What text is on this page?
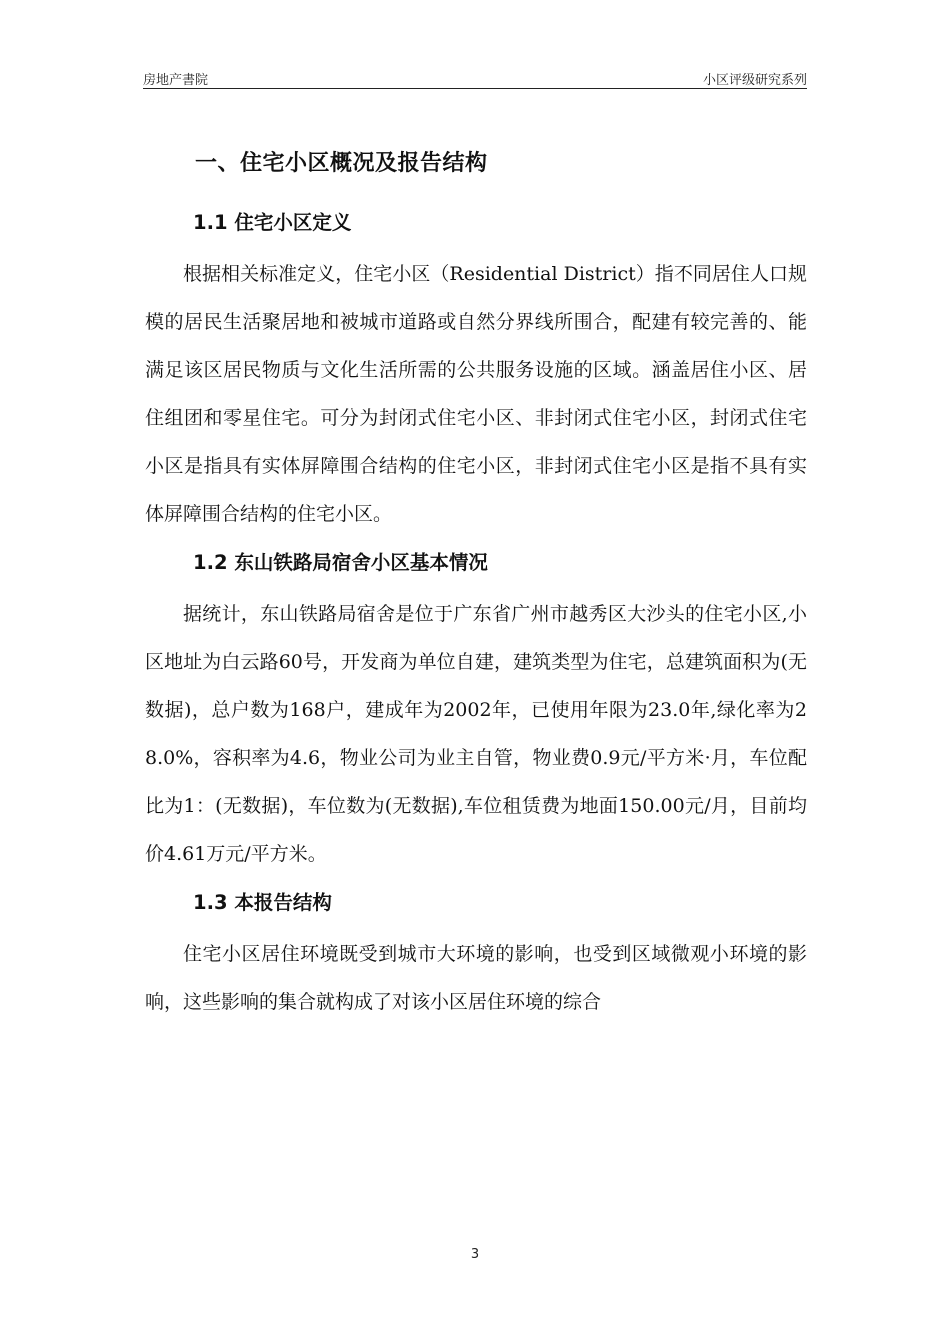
房地产書院	小区评级研究系列
一、住宅小区概况及报告结构
1.1 住宅小区定义

根据相关标准定义，住宅小区（Residential District）指不同居住人口规模的居民生活聚居地和被城市道路或自然分界线所围合，配建有较完善的、能满足该区居民物质与文化生活所需的公共服务设施的区域。涵盖居住小区、居住组团和零星住宅。可分为封闭式住宅小区、非封闭式住宅小区，封闭式住宅小区是指具有实体屏障围合结构的住宅小区，非封闭式住宅小区是指不具有实体屏障围合结构的住宅小区。

1.2 东山铁路局宿舍小区基本情况

据统计，东山铁路局宿舍是位于广东省广州市越秀区大沙头的住宅小区,小区地址为白云路60号，开发商为单位自建，建筑类型为住宅，总建筑面积为(无数据)，总户数为168户，建成年为2002年，已使用年限为23.0年,绿化率为28.0%，容积率为4.6，物业公司为业主自管，物业费0.9元/平方米·月，车位配比为1：(无数据)，车位数为(无数据),车位租赁费为地面150.00元/月，目前均价4.61万元/平方米。

1.3 本报告结构

住宅小区居住环境既受到城市大环境的影响，也受到区域微观小环境的影响，这些影响的集合就构成了对该小区居住环境的综合

3
